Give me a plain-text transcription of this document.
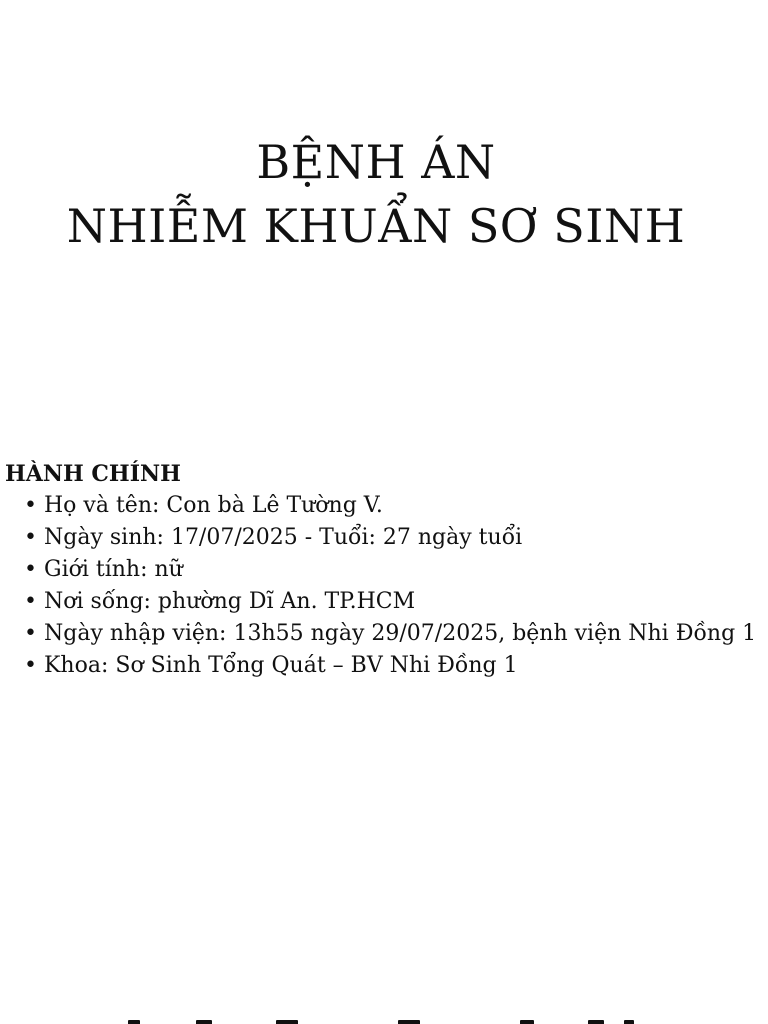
BỆNH ÁN
NHIỄM KHUẨN SƠ SINH
HÀNH CHÍNH
• Họ và tên: Con bà Lê Tường V.
• Ngày sinh: 17/07/2025 - Tuổi: 27 ngày tuổi
• Giới tính: nữ
• Nơi sống: phường Dĩ An. TP.HCM
• Ngày nhập viện: 13h55 ngày 29/07/2025, bệnh viện Nhi Đồng 1
• Khoa: Sơ Sinh Tổng Quát – BV Nhi Đồng 1
